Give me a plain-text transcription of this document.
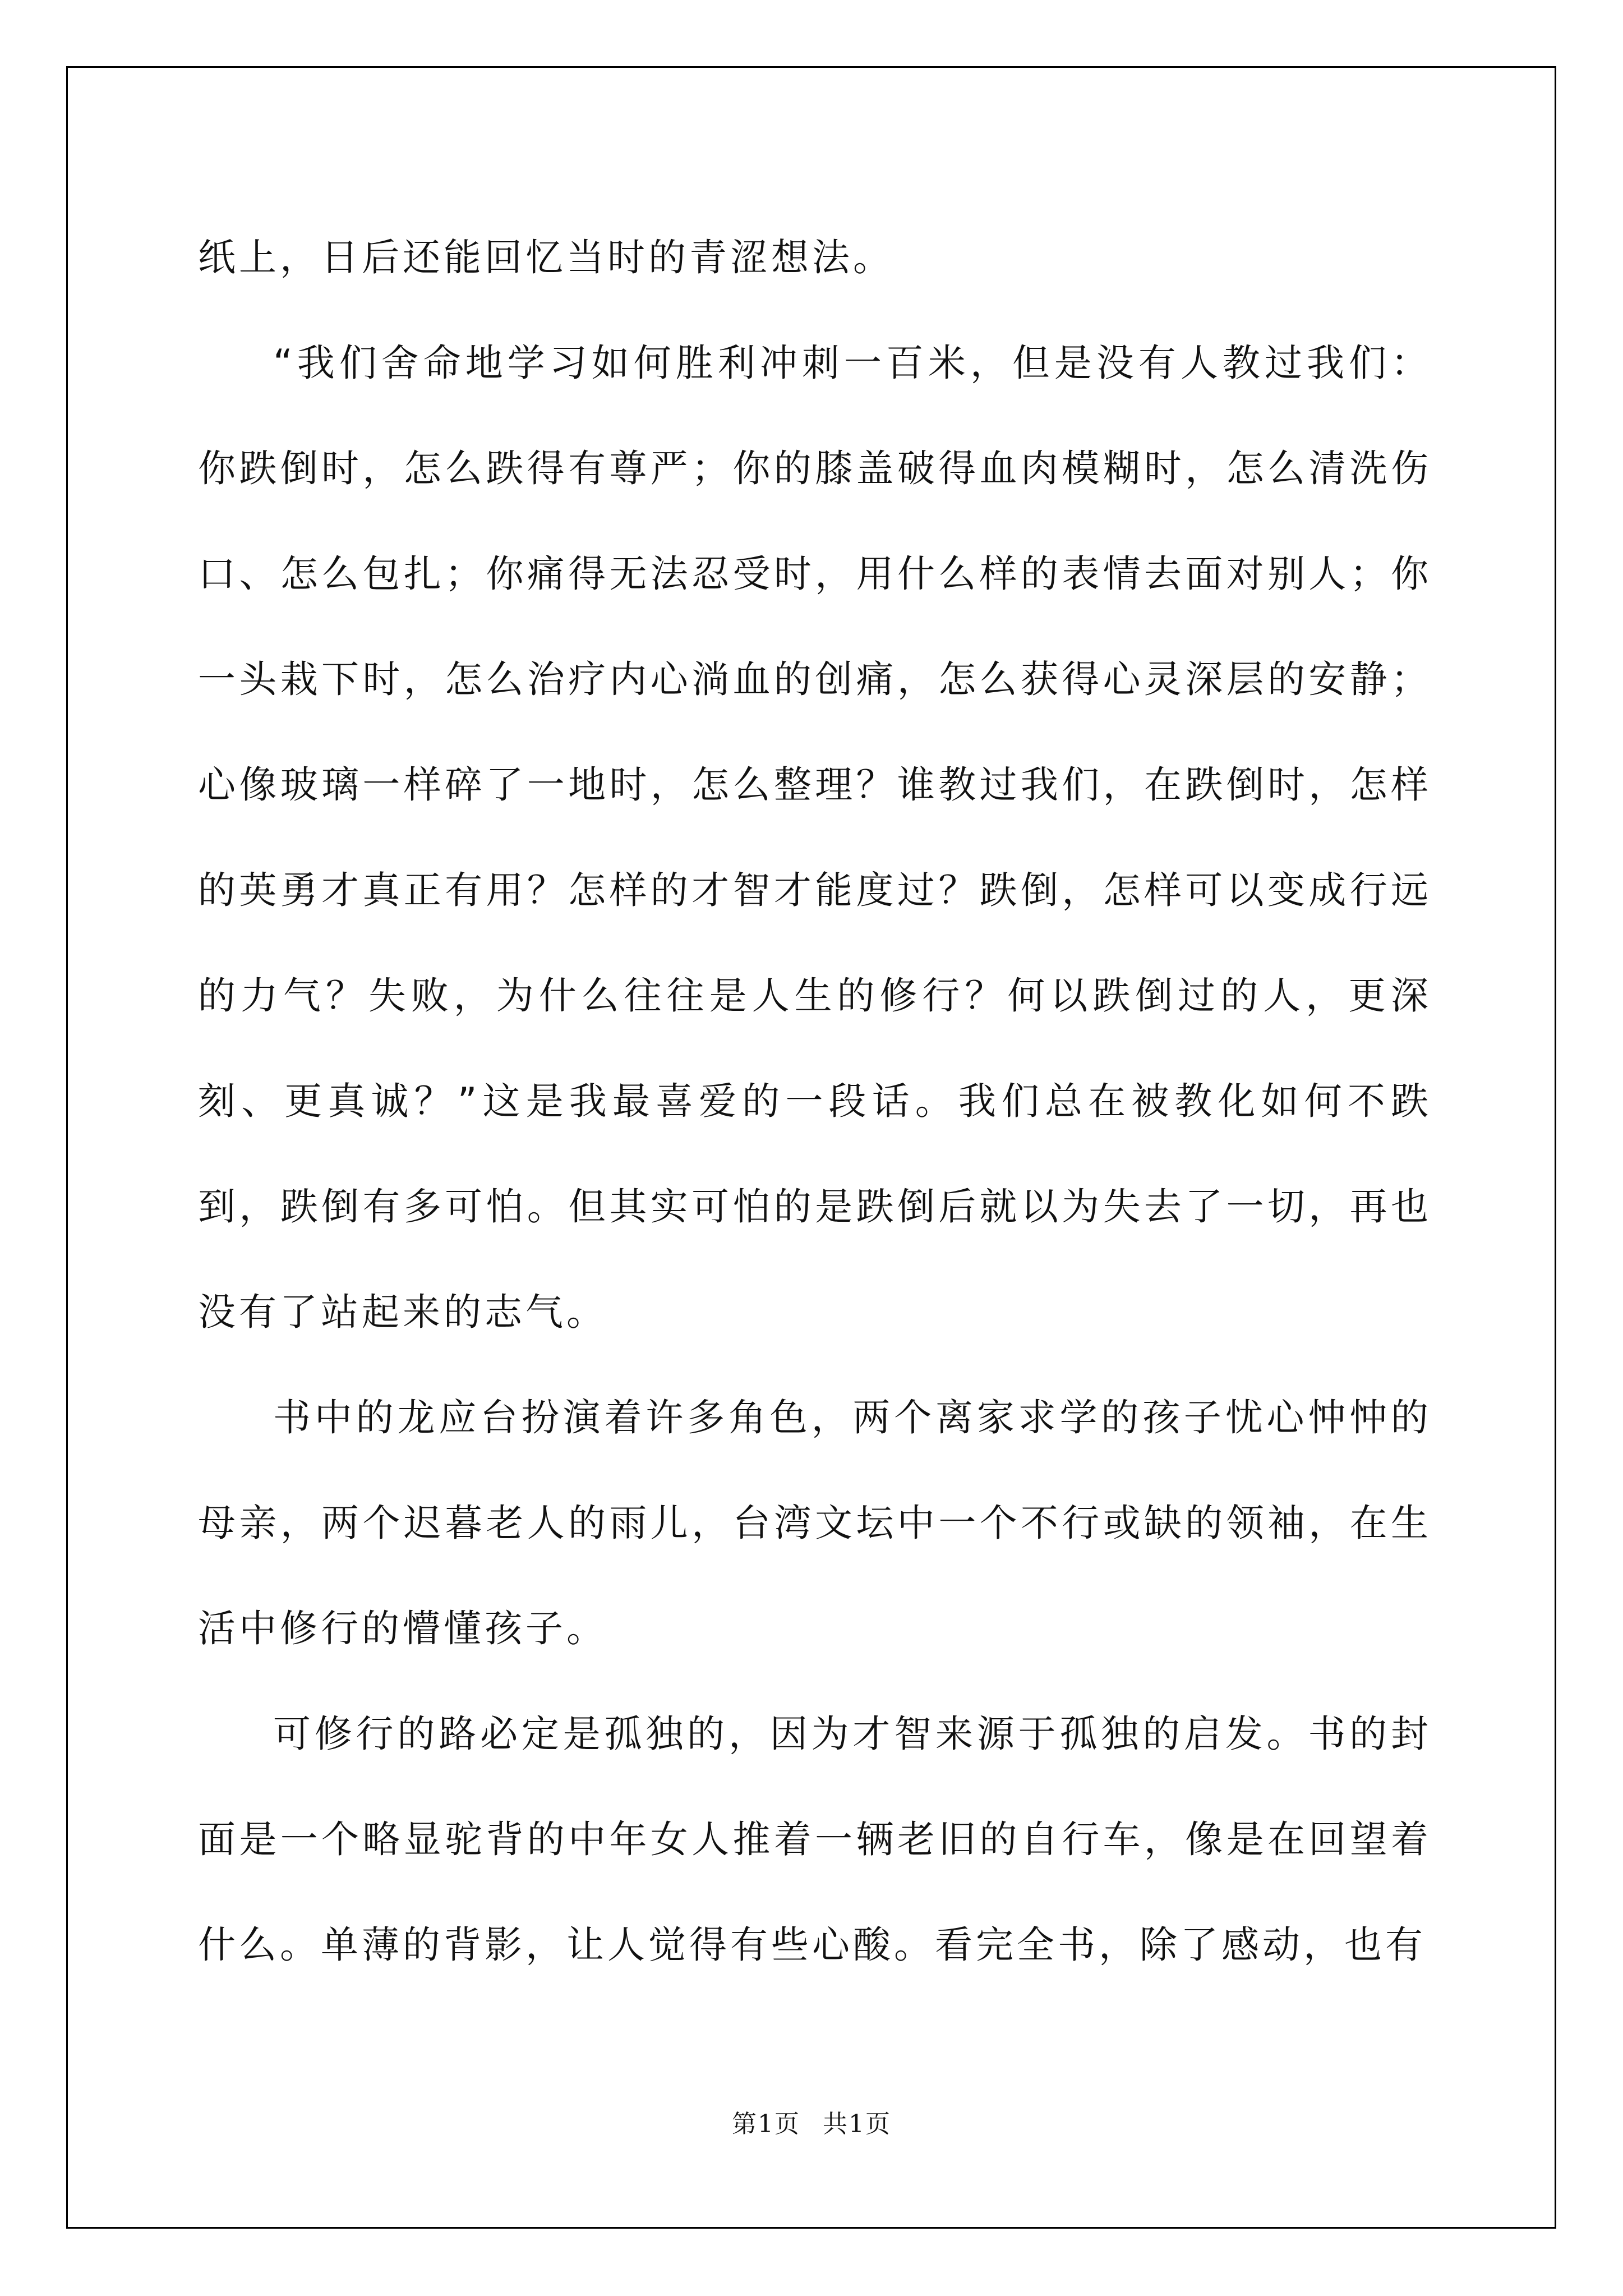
纸上，日后还能回忆当时的青涩想法。

“我们舍命地学习如何胜利冲刺一百米，但是没有人教过我们：你跌倒时，怎么跌得有尊严；你的膝盖破得血肉模糊时，怎么清洗伤口、怎么包扎；你痛得无法忍受时，用什么样的表情去面对别人；你一头栽下时，怎么治疗内心淌血的创痛，怎么获得心灵深层的安静；心像玻璃一样碎了一地时，怎么整理？谁教过我们，在跌倒时，怎样的英勇才真正有用？怎样的才智才能度过？跌倒，怎样可以变成行远的力气？失败，为什么往往是人生的修行？何以跌倒过的人，更深刻、更真诚？”这是我最喜爱的一段话。我们总在被教化如何不跌到，跌倒有多可怕。但其实可怕的是跌倒后就以为失去了一切，再也没有了站起来的志气。

书中的龙应台扮演着许多角色，两个离家求学的孩子忧心忡忡的母亲，两个迟暮老人的雨儿，台湾文坛中一个不行或缺的领袖，在生活中修行的懵懂孩子。

可修行的路必定是孤独的，因为才智来源于孤独的启发。书的封面是一个略显驼背的中年女人推着一辆老旧的自行车，像是在回望着什么。单薄的背影，让人觉得有些心酸。看完全书，除了感动，也有

第1页 共1页
